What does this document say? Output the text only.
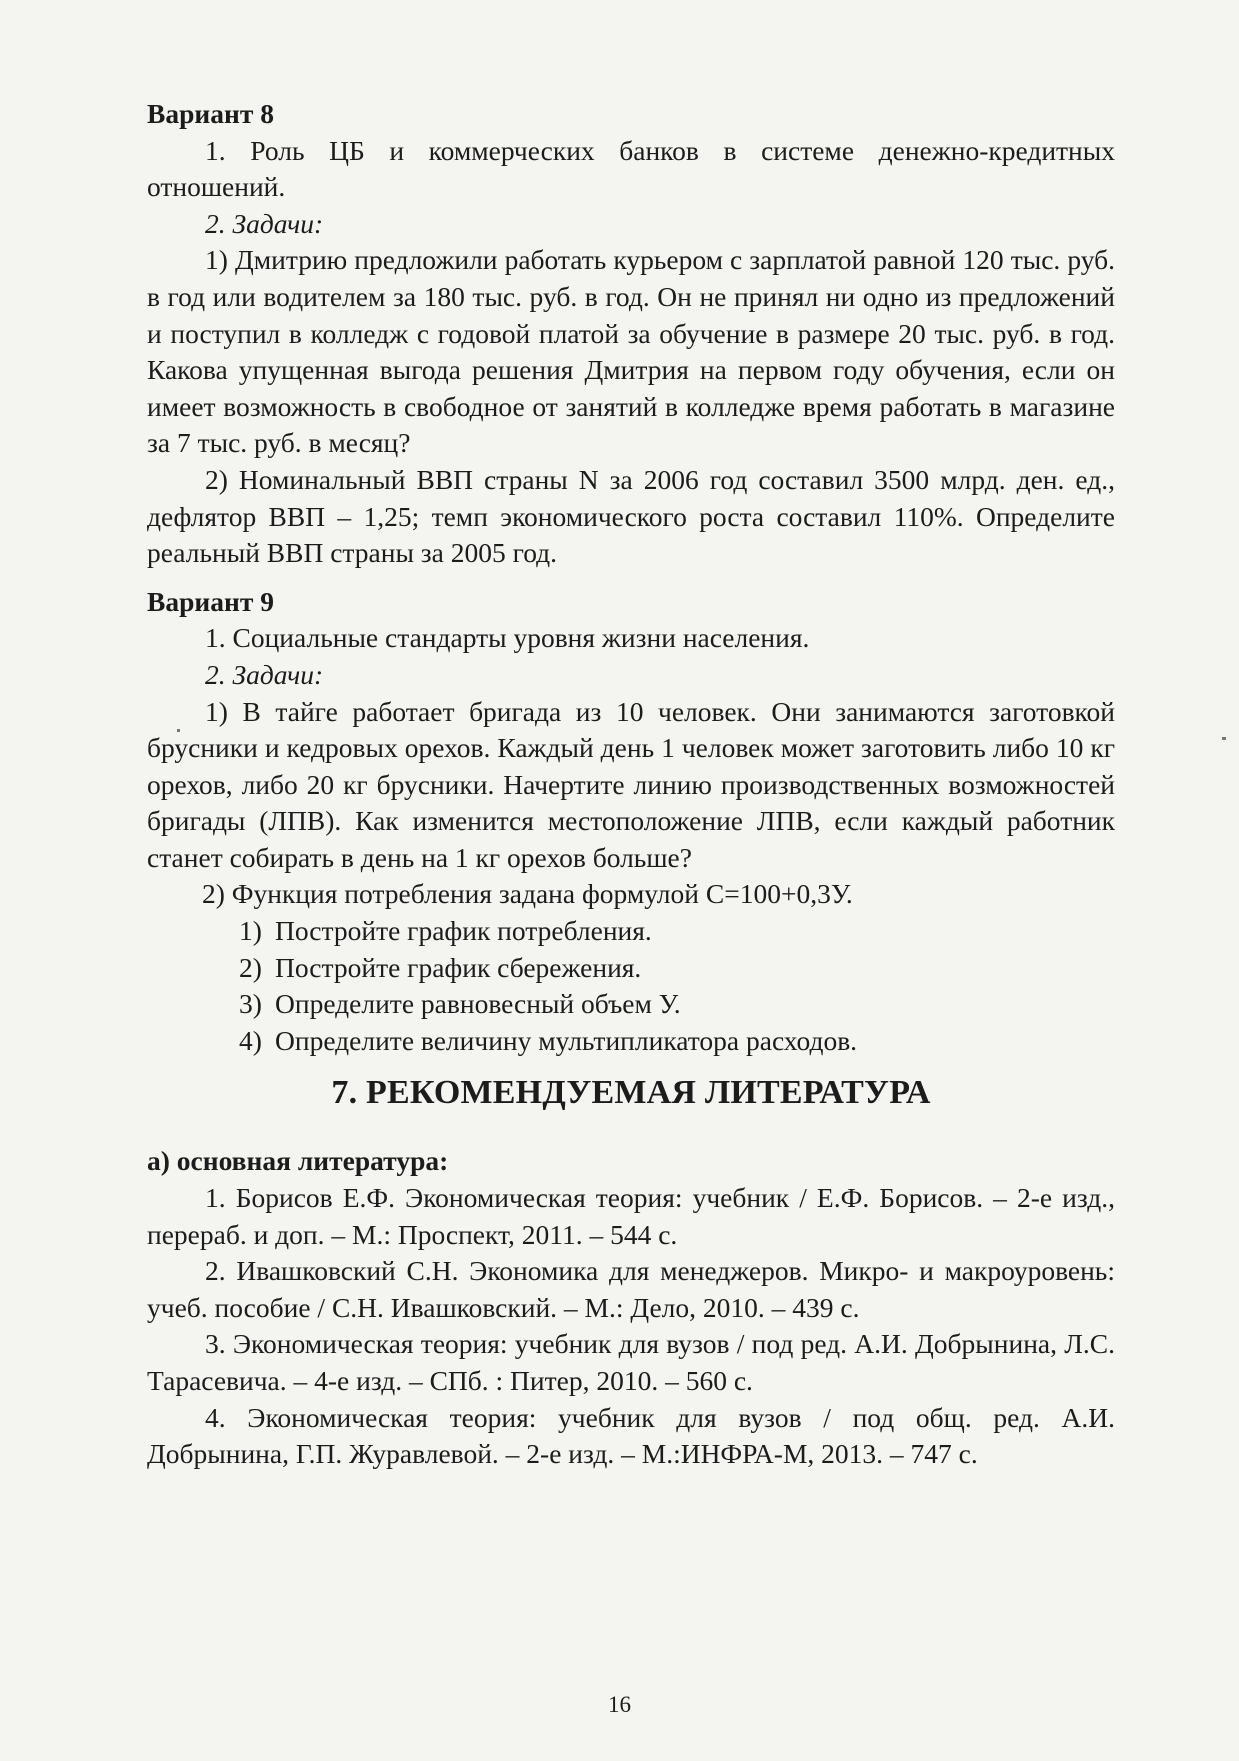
Вариант 8

1. Роль ЦБ и коммерческих банков в системе денежно-кредитных отношений.

2. Задачи:

1) Дмитрию предложили работать курьером с зарплатой равной 120 тыс. руб. в год или водителем за 180 тыс. руб. в год. Он не принял ни одно из предложений и поступил в колледж с годовой платой за обучение в размере 20 тыс. руб. в год. Какова упущенная выгода решения Дмитрия на первом году обучения, если он имеет возможность в свободное от занятий в колледже время работать в магазине за 7 тыс. руб. в месяц?

2) Номинальный ВВП страны N за 2006 год составил 3500 млрд. ден. ед., дефлятор ВВП – 1,25; темп экономического роста составил 110%. Определите реальный ВВП страны за 2005 год.

Вариант 9

1. Социальные стандарты уровня жизни населения.

2. Задачи:

1) В тайге работает бригада из 10 человек. Они занимаются заготовкой брусники и кедровых орехов. Каждый день 1 человек может заготовить либо 10 кг орехов, либо 20 кг брусники. Начертите линию производственных возможностей бригады (ЛПВ). Как изменится местоположение ЛПВ, если каждый работник станет собирать в день на 1 кг орехов больше?

2) Функция потребления задана формулой С=100+0,3У.

1) Постройте график потребления.

2) Постройте график сбережения.

3) Определите равновесный объем У.

4) Определите величину мультипликатора расходов.

7. РЕКОМЕНДУЕМАЯ ЛИТЕРАТУРА

а) основная литература:

1. Борисов Е.Ф. Экономическая теория: учебник / Е.Ф. Борисов. – 2-е изд., перераб. и доп. – М.: Проспект, 2011. – 544 с.

2. Ивашковский С.Н. Экономика для менеджеров. Микро- и макроуровень: учеб. пособие / С.Н. Ивашковский. – М.: Дело, 2010. – 439 с.

3. Экономическая теория: учебник для вузов / под ред. А.И. Добрынина, Л.С. Тарасевича. – 4-е изд. – СПб. : Питер, 2010. – 560 с.

4. Экономическая теория: учебник для вузов / под общ. ред. А.И. Добрынина, Г.П. Журавлевой. – 2-е изд. – М.:ИНФРА-М, 2013. – 747 с.

16
